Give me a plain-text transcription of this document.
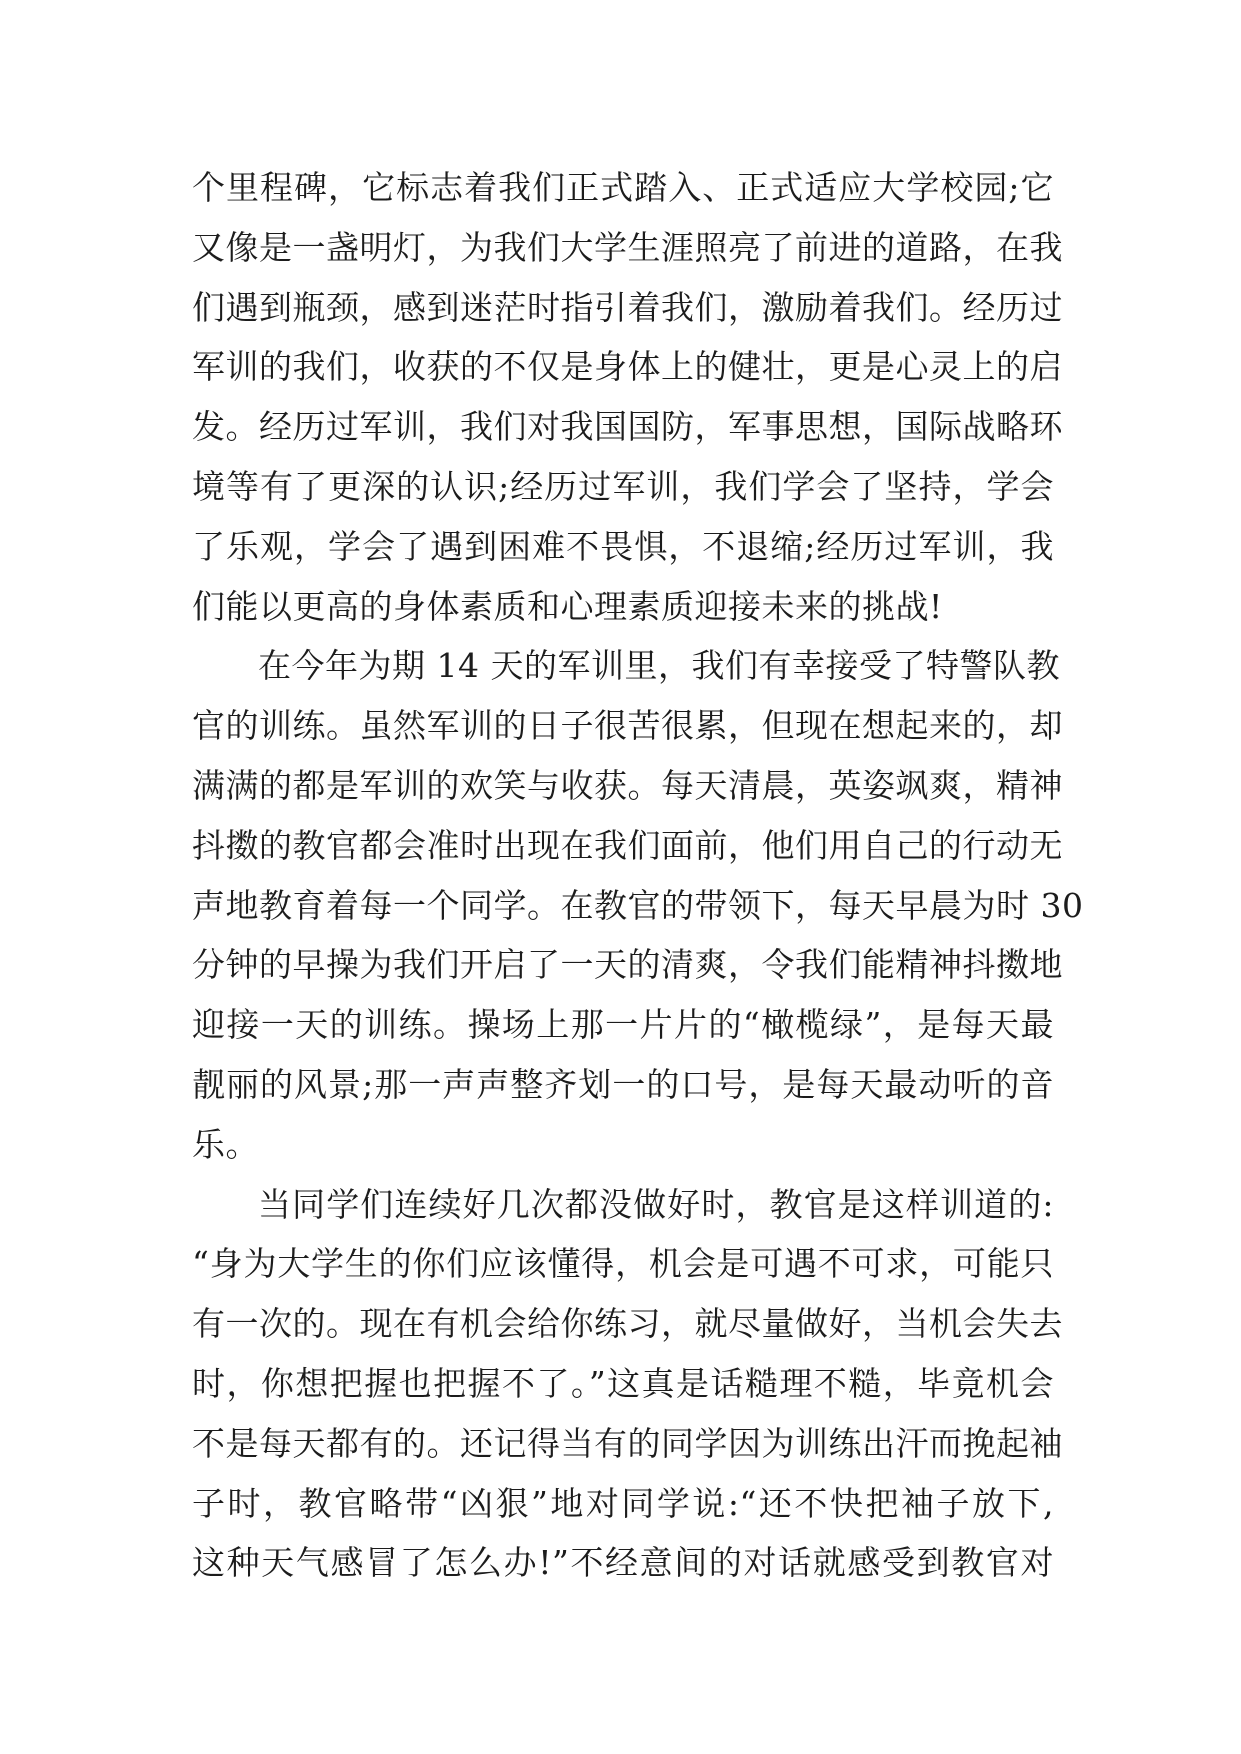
个里程碑，它标志着我们正式踏入、正式适应大学校园;它
又像是一盏明灯，为我们大学生涯照亮了前进的道路，在我
们遇到瓶颈，感到迷茫时指引着我们，激励着我们。经历过
军训的我们，收获的不仅是身体上的健壮，更是心灵上的启
发。经历过军训，我们对我国国防，军事思想，国际战略环
境等有了更深的认识;经历过军训，我们学会了坚持，学会
了乐观，学会了遇到困难不畏惧，不退缩;经历过军训，我
们能以更高的身体素质和心理素质迎接未来的挑战!
在今年为期 14 天的军训里，我们有幸接受了特警队教
官的训练。虽然军训的日子很苦很累，但现在想起来的，却
满满的都是军训的欢笑与收获。每天清晨，英姿飒爽，精神
抖擞的教官都会准时出现在我们面前，他们用自己的行动无
声地教育着每一个同学。在教官的带领下，每天早晨为时 30
分钟的早操为我们开启了一天的清爽，令我们能精神抖擞地
迎接一天的训练。操场上那一片片的“橄榄绿”，是每天最
靓丽的风景;那一声声整齐划一的口号，是每天最动听的音
乐。
当同学们连续好几次都没做好时，教官是这样训道的:
“身为大学生的你们应该懂得，机会是可遇不可求，可能只
有一次的。现在有机会给你练习，就尽量做好，当机会失去
时，你想把握也把握不了。”这真是话糙理不糙，毕竟机会
不是每天都有的。还记得当有的同学因为训练出汗而挽起袖
子时，教官略带“凶狠”地对同学说:“还不快把袖子放下,
这种天气感冒了怎么办!”不经意间的对话就感受到教官对
